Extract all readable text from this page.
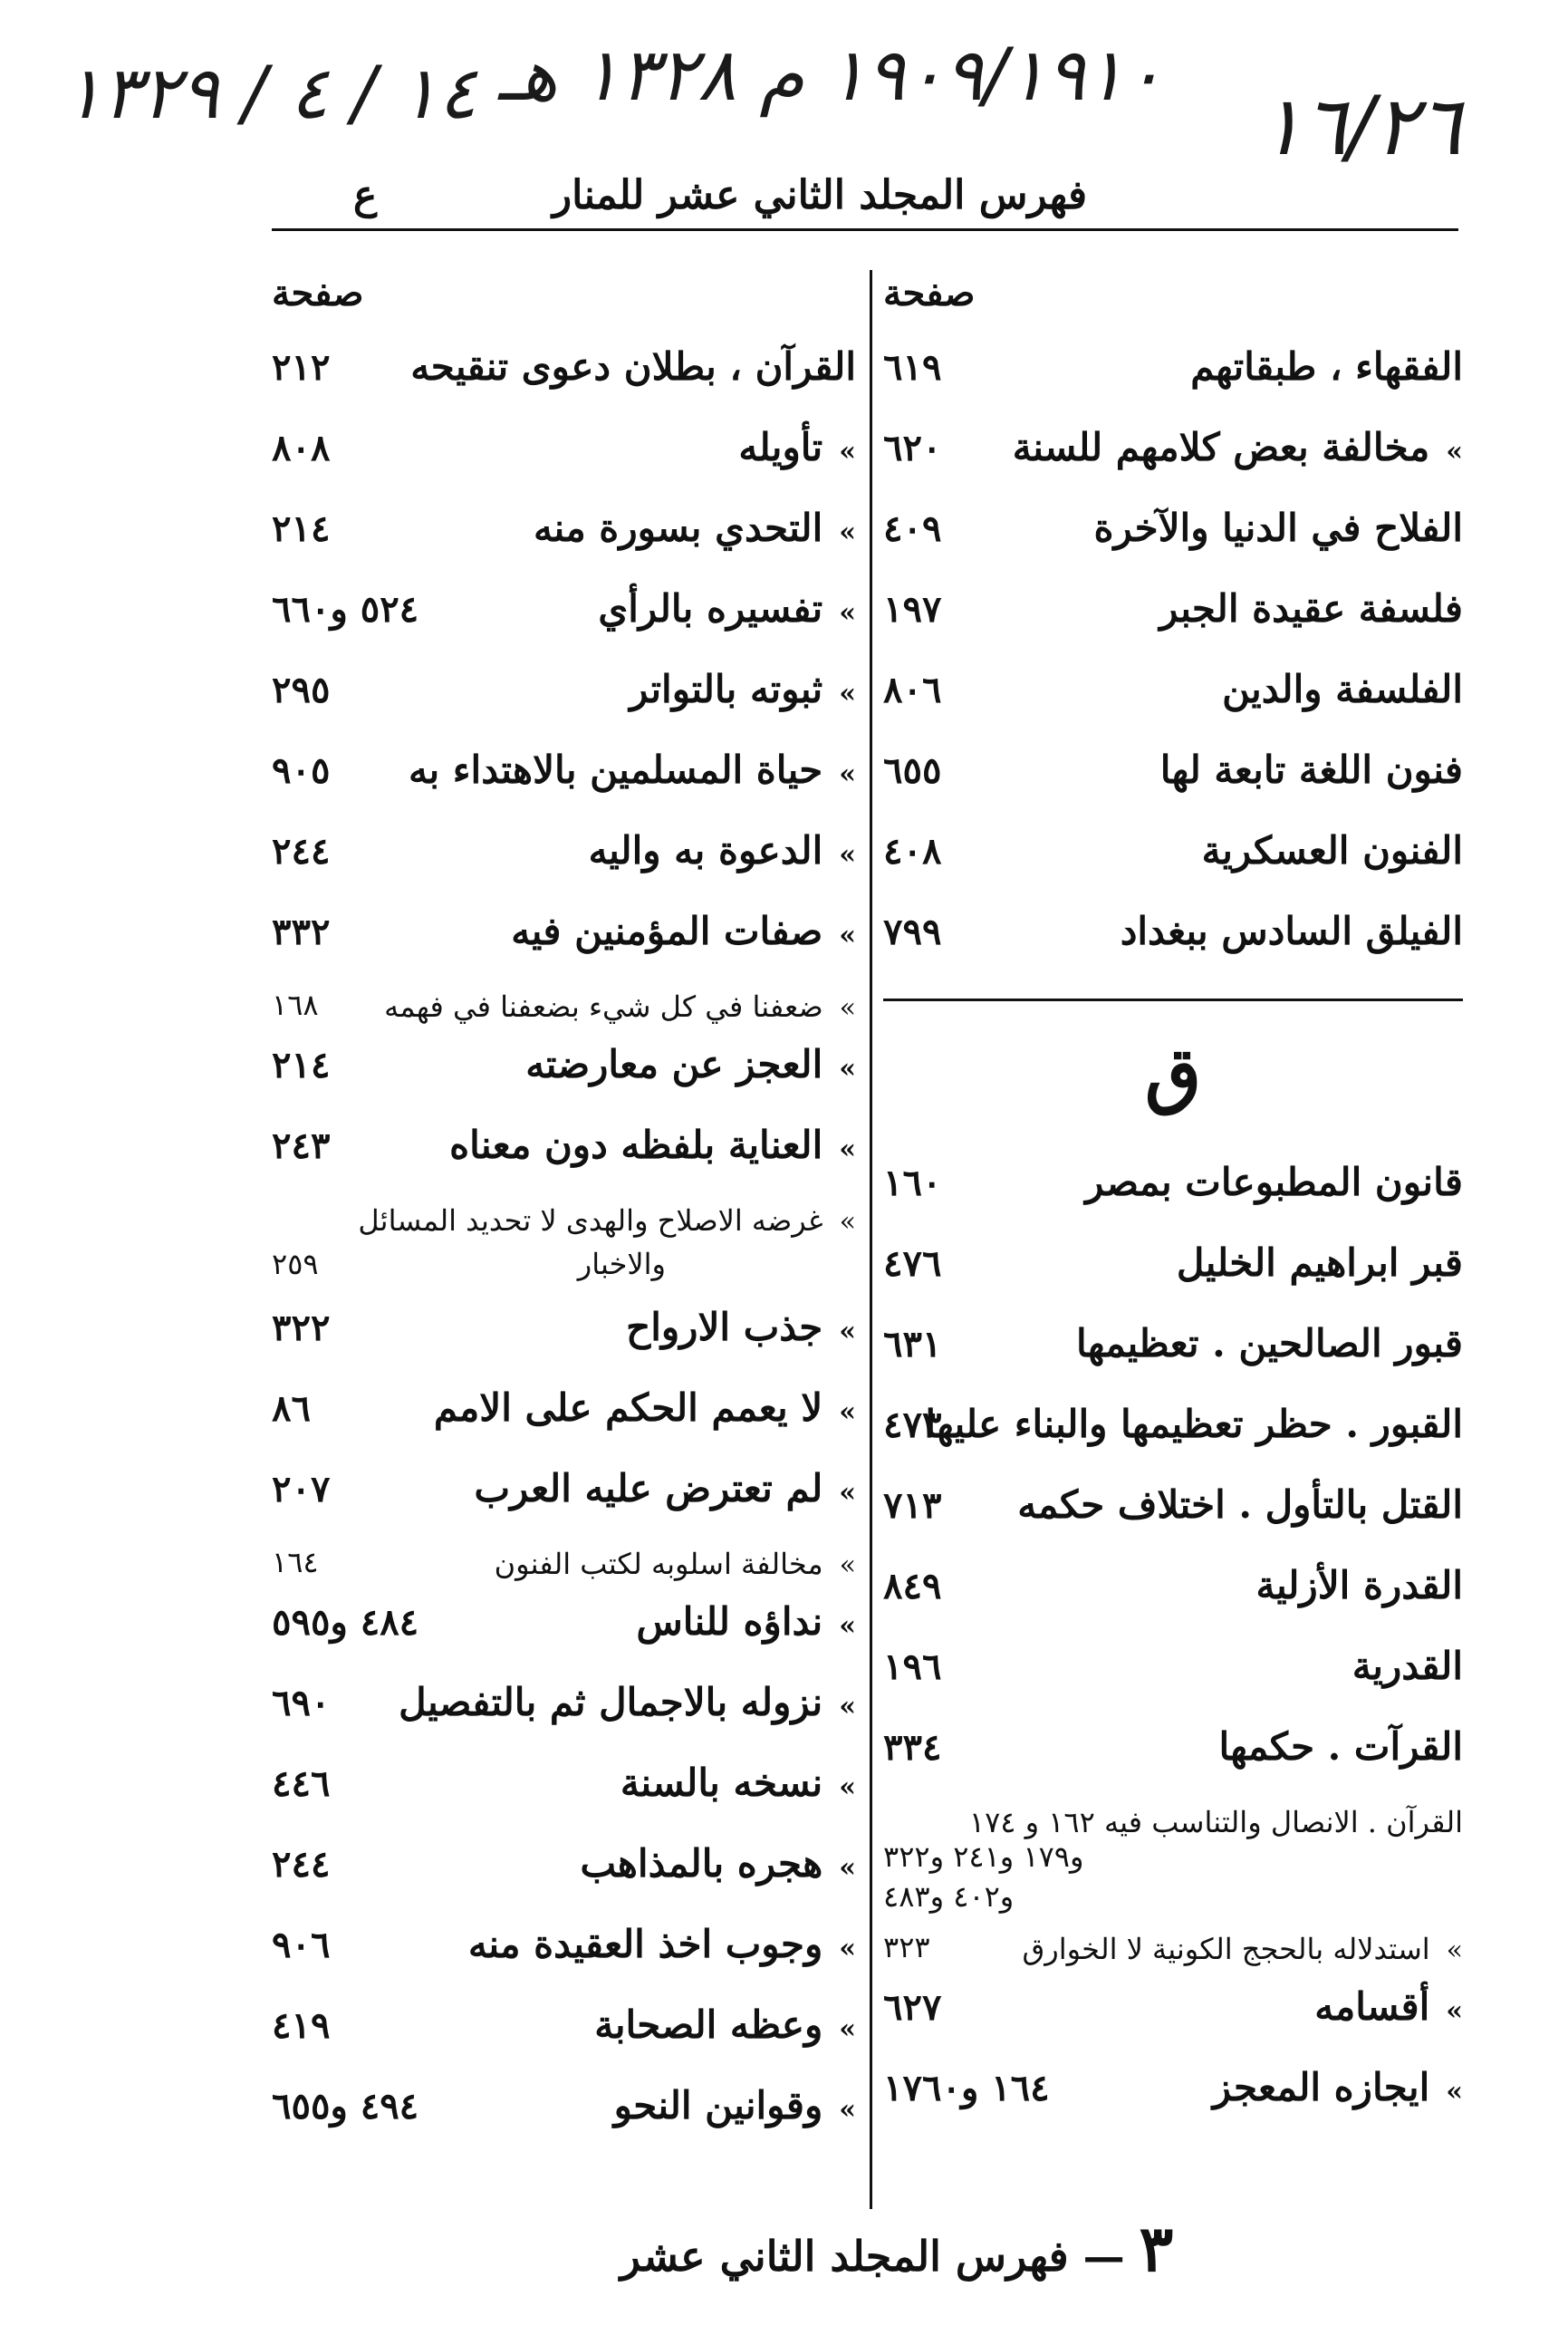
١٤ / ٤ / ١٣٢٩ ١٩٠٩/١٩١٠ م ١٣٢٨ هـ
١٦/٢٦
فهرس المجلد الثاني عشر للمنار
ع
صفحة
الفقهاء ، طبقاتهم
٦١٩
»مخالفة بعض كلامهم للسنة
٦٢٠
الفلاح في الدنيا والآخرة
٤٠٩
فلسفة عقيدة الجبر
١٩٧
الفلسفة والدين
٨٠٦
فنون اللغة تابعة لها
٦٥٥
الفنون العسكرية
٤٠٨
الفيلق السادس ببغداد
٧٩٩
ق
قانون المطبوعات بمصر
١٦٠
قبر ابراهيم الخليل
٤٧٦
قبور الصالحين . تعظيمها
٦٣١
القبور . حظر تعظيمها والبناء عليها
٤٧٣
القتل بالتأول . اختلاف حكمه
٧١٣
القدرة الأزلية
٨٤٩
القدرية
١٩٦
القرآت . حكمها
٣٣٤
القرآن . الانصال والتناسب فيه ١٦٢ و ١٧٤
و١٧٩ و٢٤١ و٣٢٢
و٤٠٢ و٤٨٣
»استدلاله بالحجج الكونية لا الخوارق
٣٢٣
»أقسامه
٦٢٧
»ايجازه المعجز
١٦٤ و١٧٦٠
صفحة
القرآن ، بطلان دعوى تنقيحه
٢١٢
»تأويله
٨٠٨
»التحدي بسورة منه
٢١٤
»تفسيره بالرأي
٥٢٤ و٦٦٠
»ثبوته بالتواتر
٢٩٥
»حياة المسلمين بالاهتداء به
٩٠٥
»الدعوة به واليه
٢٤٤
»صفات المؤمنين فيه
٣٣٢
»ضعفنا في كل شيء بضعفنا في فهمه
١٦٨
»العجز عن معارضته
٢١٤
»العناية بلفظه دون معناه
٢٤٣
»غرضه الاصلاح والهدى لا تحديد المسائل
والاخبار
٢٥٩
»جذب الارواح
٣٢٢
»لا يعمم الحكم على الامم
٨٦
»لم تعترض عليه العرب
٢٠٧
»مخالفة اسلوبه لكتب الفنون
١٦٤
»نداؤه للناس
٤٨٤ و٥٩٥
»نزوله بالاجمال ثم بالتفصيل
٦٩٠
»نسخه بالسنة
٤٤٦
»هجره بالمذاهب
٢٤٤
»وجوب اخذ العقيدة منه
٩٠٦
»وعظه الصحابة
٤١٩
»وقوانين النحو
٤٩٤ و٦٥٥
٣ — فهرس المجلد الثاني عشر
